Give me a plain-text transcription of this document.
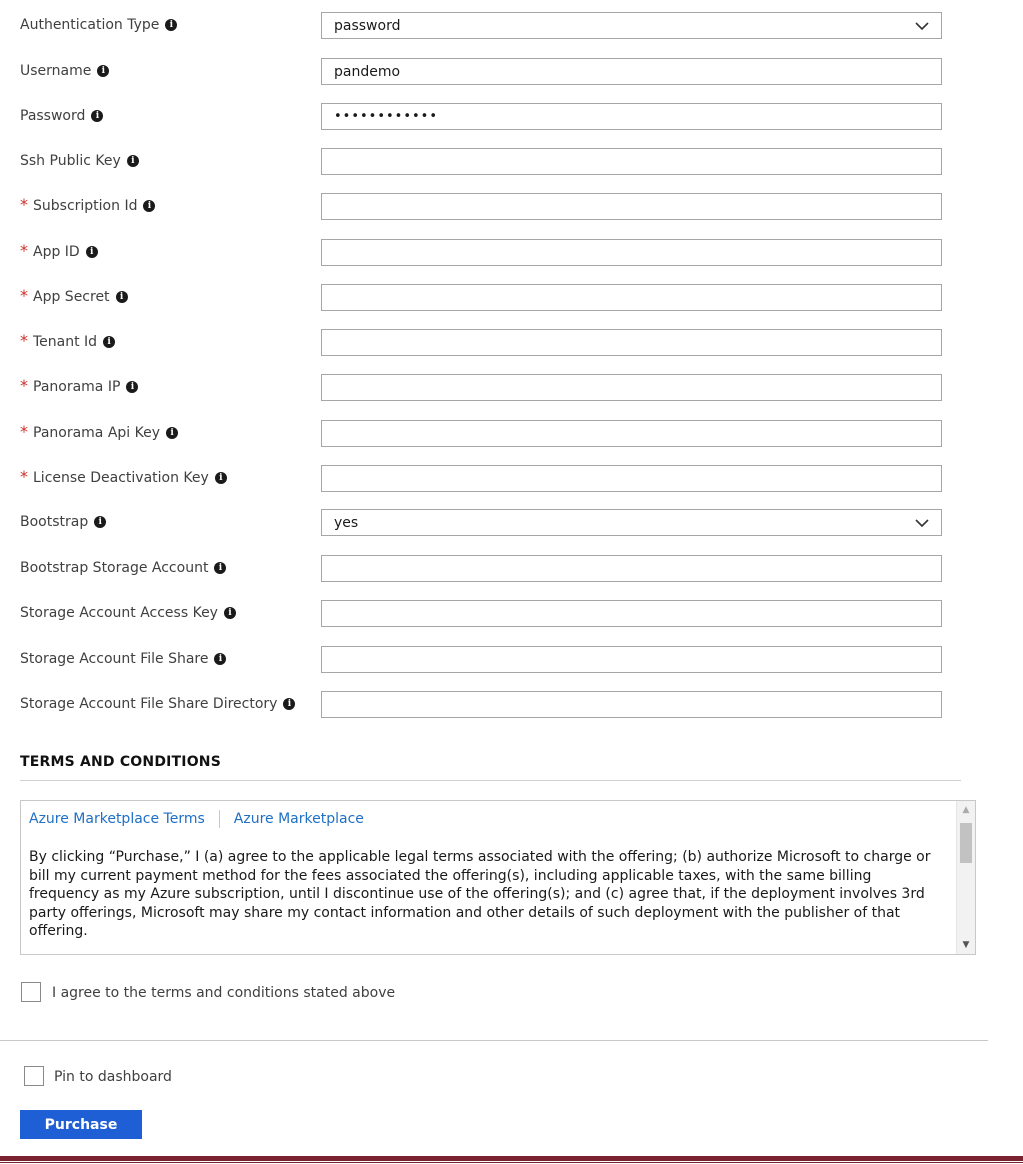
Authentication Type	i	password
Username	i	pandemo
Password	i	••••••••••••
Ssh Public Key	i
* Subscription Id	i
* App ID	i
* App Secret	i
* Tenant Id	i
* Panorama IP	i
* Panorama Api Key	i
* License Deactivation Key	i
Bootstrap	i	yes
Bootstrap Storage Account	i
Storage Account Access Key	i
Storage Account File Share	i
Storage Account File Share Directory	i
TERMS AND CONDITIONS
Azure Marketplace Terms Azure Marketplace
By clicking “Purchase,” I (a) agree to the applicable legal terms associated with the offering; (b) authorize Microsoft to charge or
bill my current payment method for the fees associated the offering(s), including applicable taxes, with the same billing
frequency as my Azure subscription, until I discontinue use of the offering(s); and (c) agree that, if the deployment involves 3rd
party offerings, Microsoft may share my contact information and other details of such deployment with the publisher of that
offering.
▲
▼
I agree to the terms and conditions stated above
Pin to dashboard
Purchase
